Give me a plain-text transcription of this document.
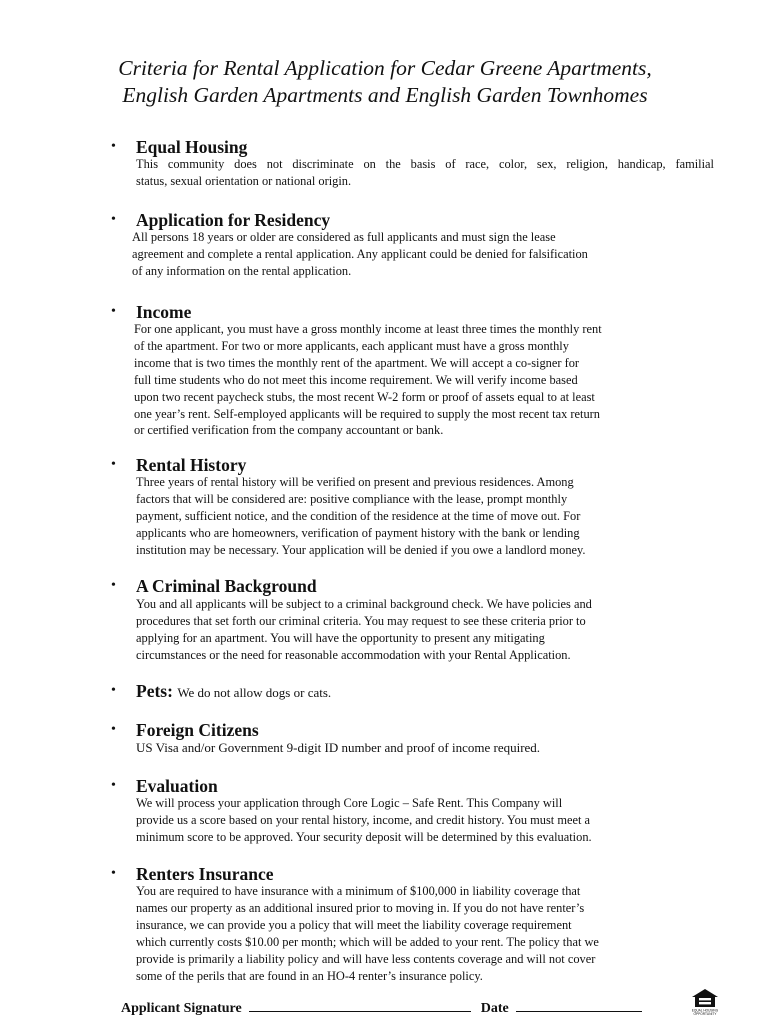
Criteria for Rental Application for Cedar Greene Apartments,
English Garden Apartments and English Garden Townhomes
• Equal Housing
This community does not discriminate on the basis of race, color, sex, religion, handicap, familial
status, sexual orientation or national origin.
• Application for Residency
All persons 18 years or older are considered as full applicants and must sign the lease
agreement and complete a rental application. Any applicant could be denied for falsification
of any information on the rental application.
• Income
For one applicant, you must have a gross monthly income at least three times the monthly rent
of the apartment. For two or more applicants, each applicant must have a gross monthly
income that is two times the monthly rent of the apartment. We will accept a co-signer for
full time students who do not meet this income requirement. We will verify income based
upon two recent paycheck stubs, the most recent W-2 form or proof of assets equal to at least
one year’s rent. Self-employed applicants will be required to supply the most recent tax return
or certified verification from the company accountant or bank.
• Rental History
Three years of rental history will be verified on present and previous residences. Among
factors that will be considered are: positive compliance with the lease, prompt monthly
payment, sufficient notice, and the condition of the residence at the time of move out. For
applicants who are homeowners, verification of payment history with the bank or lending
institution may be necessary. Your application will be denied if you owe a landlord money.
• A Criminal Background
You and all applicants will be subject to a criminal background check. We have policies and
procedures that set forth our criminal criteria. You may request to see these criteria prior to
applying for an apartment. You will have the opportunity to present any mitigating
circumstances or the need for reasonable accommodation with your Rental Application.
• Pets: We do not allow dogs or cats.
• Foreign Citizens
US Visa and/or Government 9-digit ID number and proof of income required.
• Evaluation
We will process your application through Core Logic – Safe Rent. This Company will
provide us a score based on your rental history, income, and credit history. You must meet a
minimum score to be approved. Your security deposit will be determined by this evaluation.
• Renters Insurance
You are required to have insurance with a minimum of $100,000 in liability coverage that
names our property as an additional insured prior to moving in. If you do not have renter’s
insurance, we can provide you a policy that will meet the liability coverage requirement
which currently costs $10.00 per month; which will be added to your rent. The policy that we
provide is primarily a liability policy and will have less contents coverage and will not cover
some of the perils that are found in an HO-4 renter’s insurance policy.
Applicant Signature	Date	EQUAL HOUSING
OPPORTUNITY
